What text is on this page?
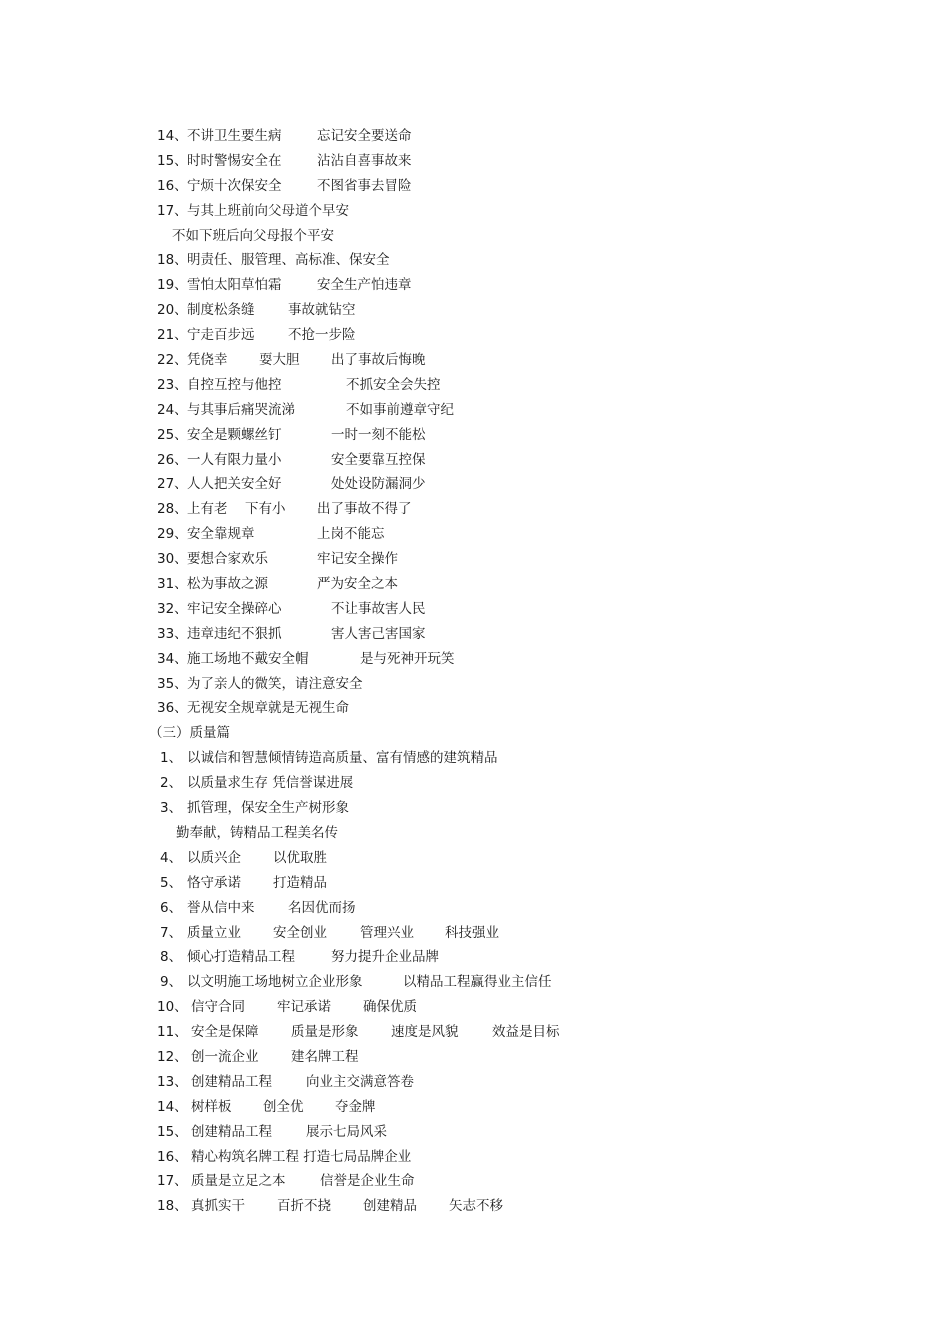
14、 不讲卫生要生病	忘记安全要送命
15、 时时警惕安全在	沾沾自喜事故来
16、 宁烦十次保安全	不图省事去冒险
17、 与其上班前向父母道个早安
不如下班后向父母报个平安
18、 明责任、服管理、高标准、保安全
19、 雪怕太阳草怕霜	安全生产怕违章
20、 制度松条缝 事故就钻空
21、 宁走百步远 不抢一步险
22、 凭侥幸 耍大胆 出了事故后悔晚
23、 自控互控与他控	不抓安全会失控
24、 与其事后痛哭流涕	不如事前遵章守纪
25、 安全是颗螺丝钉	一时一刻不能松
26、 一人有限力量小	安全要靠互控保
27、 人人把关安全好	处处设防漏洞少
28、 上有老 下有小 出了事故不得了
29、 安全靠规章	上岗不能忘
30、 要想合家欢乐	牢记安全操作
31、 松为事故之源	严为安全之本
32、 牢记安全操碎心	不让事故害人民
33、 违章违纪不狠抓	害人害己害国家
34、 施工场地不戴安全帽	是与死神开玩笑
35、 为了亲人的微笑，请注意安全
36、 无视安全规章就是无视生命
（三）质量篇
1、 以诚信和智慧倾情铸造高质量、富有情感的建筑精品
2、 以质量求生存 凭信誉谋进展
3、 抓管理，保安全生产树形象
勤奉献，铸精品工程美名传
4、 以质兴企 以优取胜
5、 恪守承诺 打造精品
6、 誉从信中来 名因优而扬
7、 质量立业 安全创业 管理兴业 科技强业
8、 倾心打造精品工程	努力提升企业品牌
9、 以文明施工场地树立企业形象	以精品工程赢得业主信任
10、 信守合同 牢记承诺 确保优质
11、 安全是保障 质量是形象 速度是风貌 效益是目标
12、 创一流企业 建名牌工程
13、 创建精品工程	向业主交满意答卷
14、 树样板 创全优 夺金牌
15、 创建精品工程	展示七局风采
16、 精心构筑名牌工程 打造七局品牌企业
17、 质量是立足之本	信誉是企业生命
18、 真抓实干 百折不挠 创建精品 矢志不移
